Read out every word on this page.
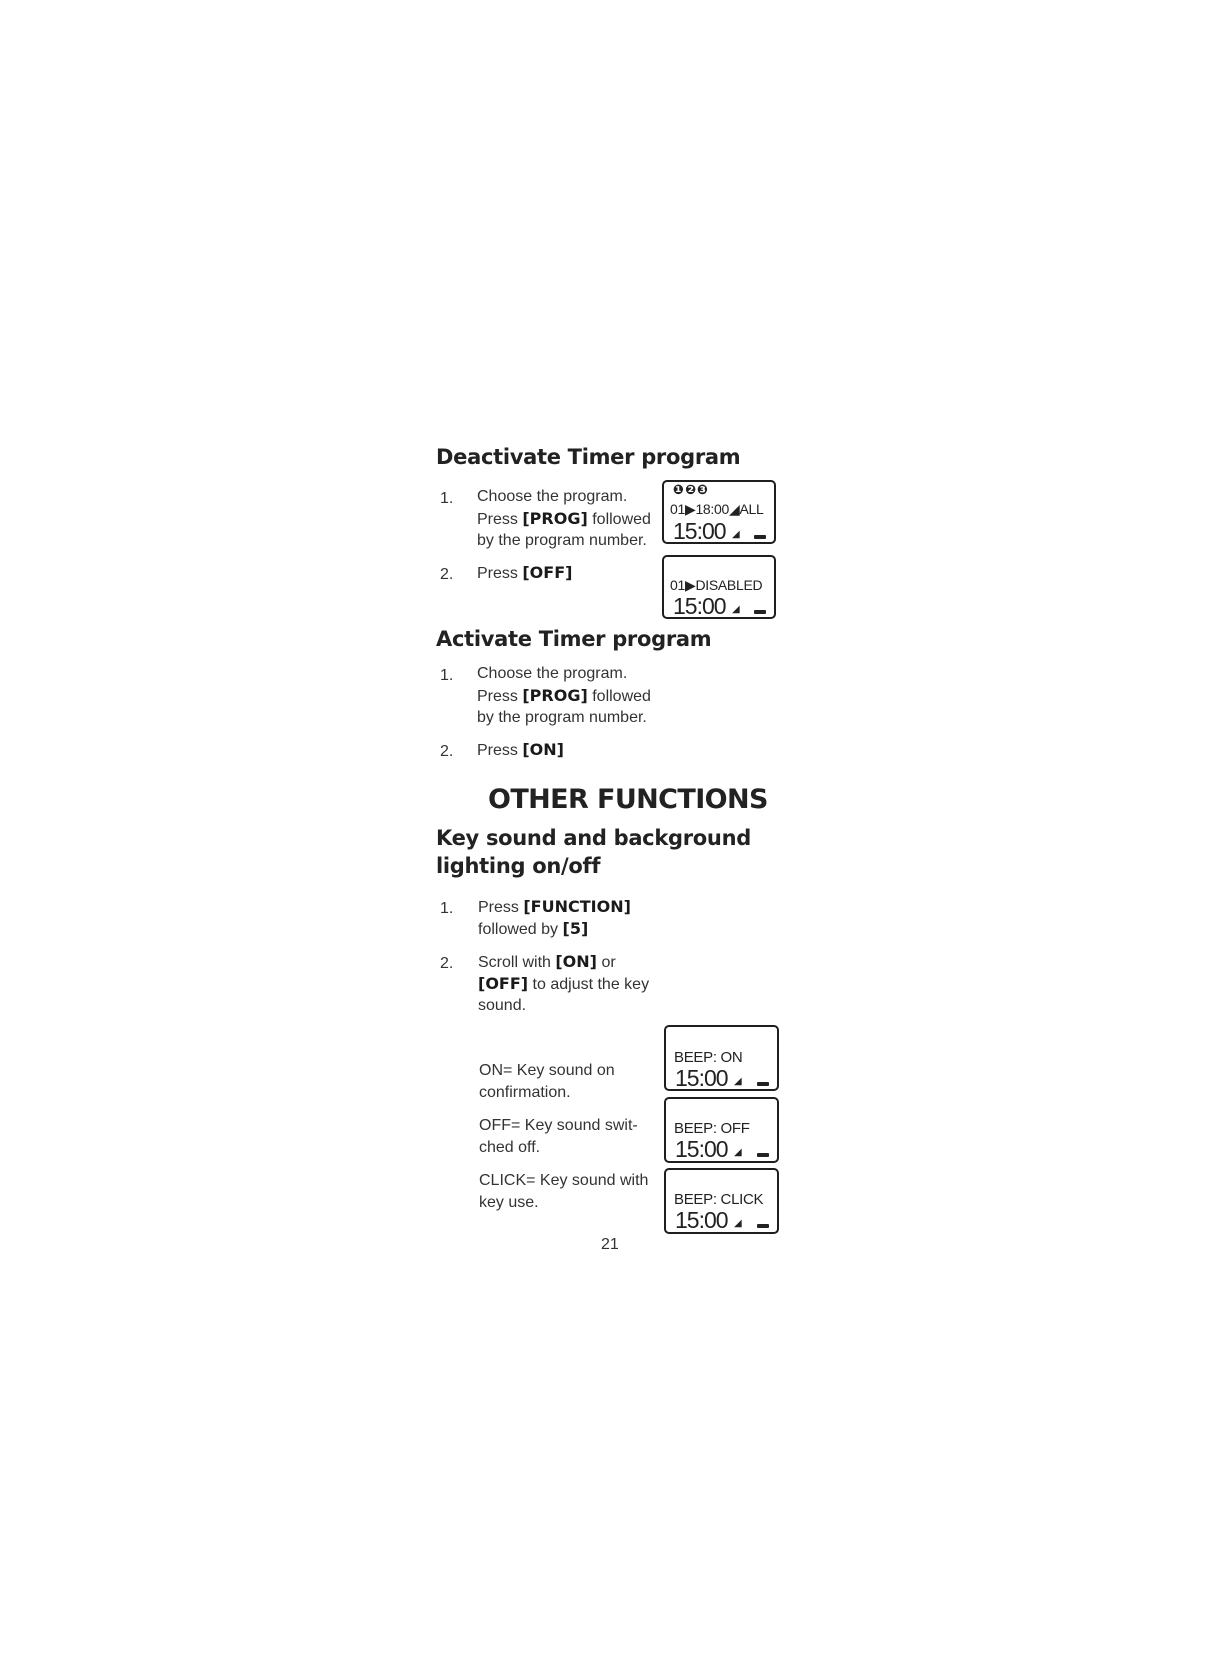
Deactivate Timer program
1. Choose the program.
Press [PROG] followed
by the program number.
2. Press [OFF]
❶❷❸
01▶18:00◢ALL
15:00 ◢
01▶DISABLED
15:00 ◢
Activate Timer program
1. Choose the program.
Press [PROG] followed
by the program number.
2. Press [ON]
OTHER FUNCTIONS
Key sound and background
lighting on/off
1. Press [FUNCTION]
followed by [5]
2. Scroll with [ON] or
[OFF] to adjust the key
sound.
ON= Key sound on
confirmation.
OFF= Key sound swit-
ched off.
CLICK= Key sound with
key use.
BEEP: ON
15:00 ◢
BEEP: OFF
15:00 ◢
BEEP: CLICK
15:00 ◢
21
